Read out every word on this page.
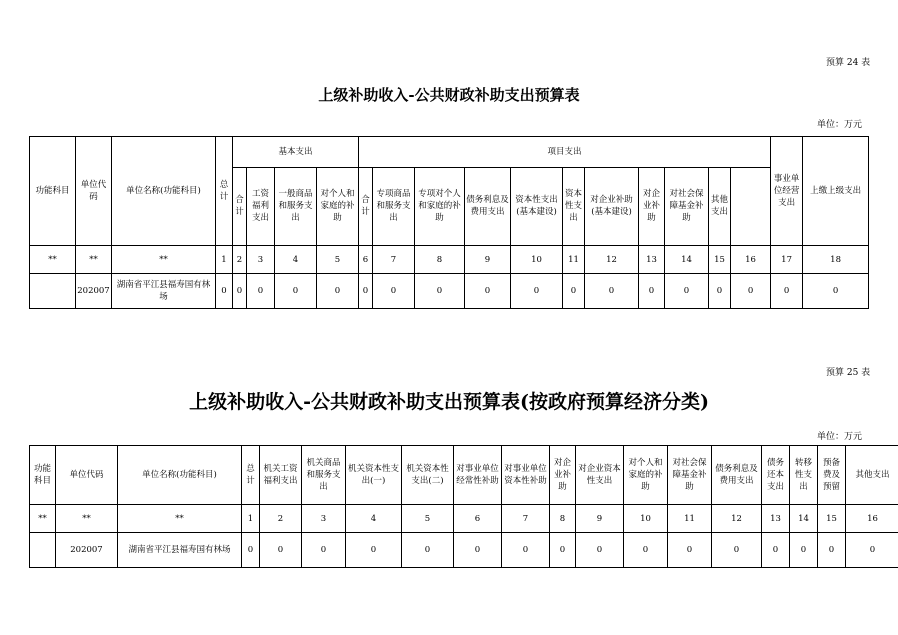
预算 24 表
上级补助收入-公共财政补助支出预算表
单位：万元
功能科目	单位代码	单位名称(功能科目)	总计	基本支出				项目支出											事业单位经营支出	上缴上级支出	
				合计	工资福利支出	一般商品和服务支出	对个人和家庭的补助	合计	专项商品和服务支出	专项对个人和家庭的补助	债务利息及费用支出	资本性支出(基本建设)	资本性支出	对企业补助(基本建设)	对企业补助	对社会保障基金补助	其他支出				
**	**	**	1	2	3	4	5	6	7	8	9	10	11	12	13	14	15	16	17	18	
	202007	湖南省平江县福寿国有林场	0	0	0	0	0	0	0	0	0	0	0	0	0	0	0	0	0	0	
预算 25 表
上级补助收入-公共财政补助支出预算表(按政府预算经济分类)
单位：万元
功能科目	单位代码	单位名称(功能科目)	总计	机关工资福利支出	机关商品和服务支出	机关资本性支出(一)	机关资本性支出(二)	对事业单位经常性补助	对事业单位资本性补助	对企业补助	对企业资本性支出	对个人和家庭的补助	对社会保障基金补助	债务利息及费用支出	债务还本支出	转移性支出	预备费及预留	其他支出
**	**	**	1	2	3	4	5	6	7	8	9	10	11	12	13	14	15	16
	202007	湖南省平江县福寿国有林场	0	0	0	0	0	0	0	0	0	0	0	0	0	0	0	0
